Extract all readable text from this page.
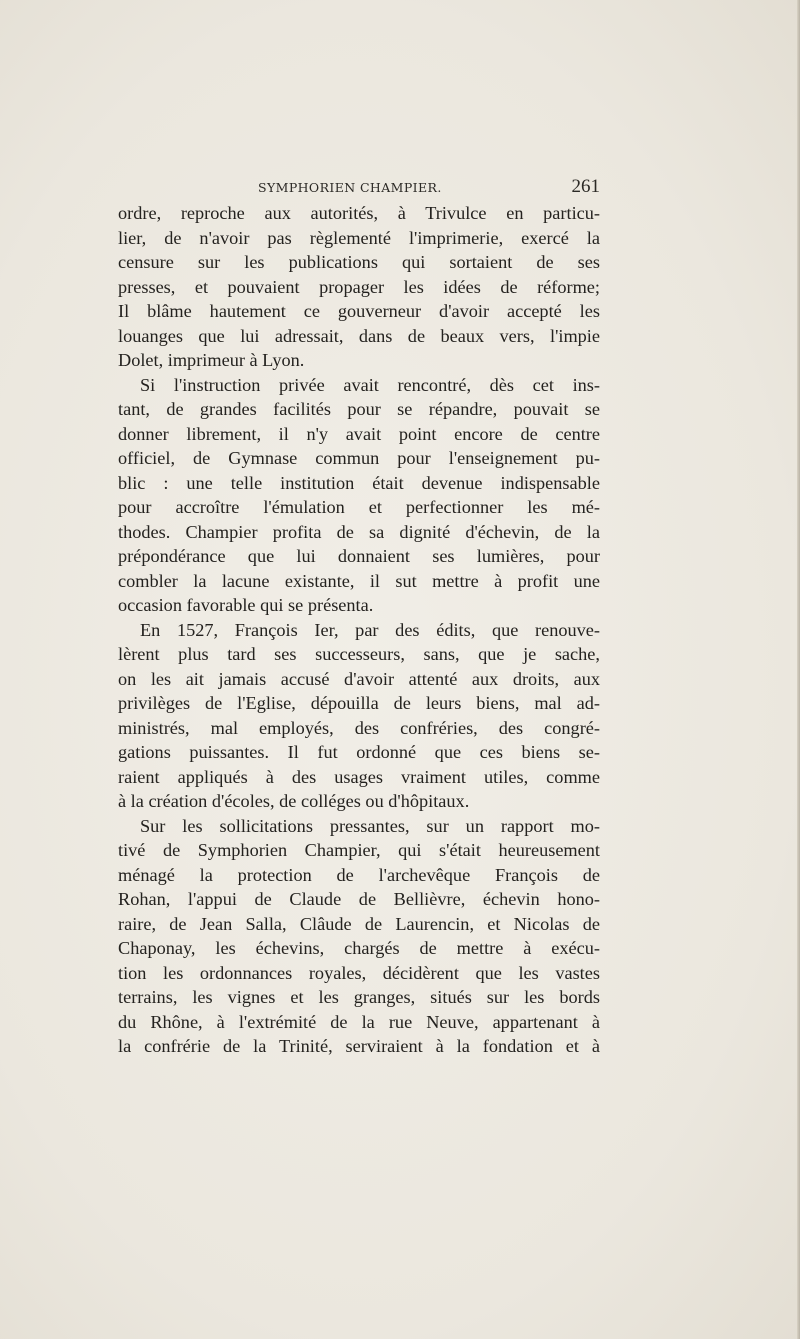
SYMPHORIEN CHAMPIER.	261
ordre, reproche aux autorités, à Trivulce en particu-
lier, de n'avoir pas règlementé l'imprimerie, exercé la
censure sur les publications qui sortaient de ses
presses, et pouvaient propager les idées de réforme;
Il blâme hautement ce gouverneur d'avoir accepté les
louanges que lui adressait, dans de beaux vers, l'impie
Dolet, imprimeur à Lyon.
Si l'instruction privée avait rencontré, dès cet ins-
tant, de grandes facilités pour se répandre, pouvait se
donner librement, il n'y avait point encore de centre
officiel, de Gymnase commun pour l'enseignement pu-
blic : une telle institution était devenue indispensable
pour accroître l'émulation et perfectionner les mé-
thodes. Champier profita de sa dignité d'échevin, de la
prépondérance que lui donnaient ses lumières, pour
combler la lacune existante, il sut mettre à profit une
occasion favorable qui se présenta.
En 1527, François Ier, par des édits, que renouve-
lèrent plus tard ses successeurs, sans, que je sache,
on les ait jamais accusé d'avoir attenté aux droits, aux
privilèges de l'Eglise, dépouilla de leurs biens, mal ad-
ministrés, mal employés, des confréries, des congré-
gations puissantes. Il fut ordonné que ces biens se-
raient appliqués à des usages vraiment utiles, comme
à la création d'écoles, de colléges ou d'hôpitaux.
Sur les sollicitations pressantes, sur un rapport mo-
tivé de Symphorien Champier, qui s'était heureusement
ménagé la protection de l'archevêque François de
Rohan, l'appui de Claude de Bellièvre, échevin hono-
raire, de Jean Salla, Clâude de Laurencin, et Nicolas de
Chaponay, les échevins, chargés de mettre à exécu-
tion les ordonnances royales, décidèrent que les vastes
terrains, les vignes et les granges, situés sur les bords
du Rhône, à l'extrémité de la rue Neuve, appartenant à
la confrérie de la Trinité, serviraient à la fondation et à
